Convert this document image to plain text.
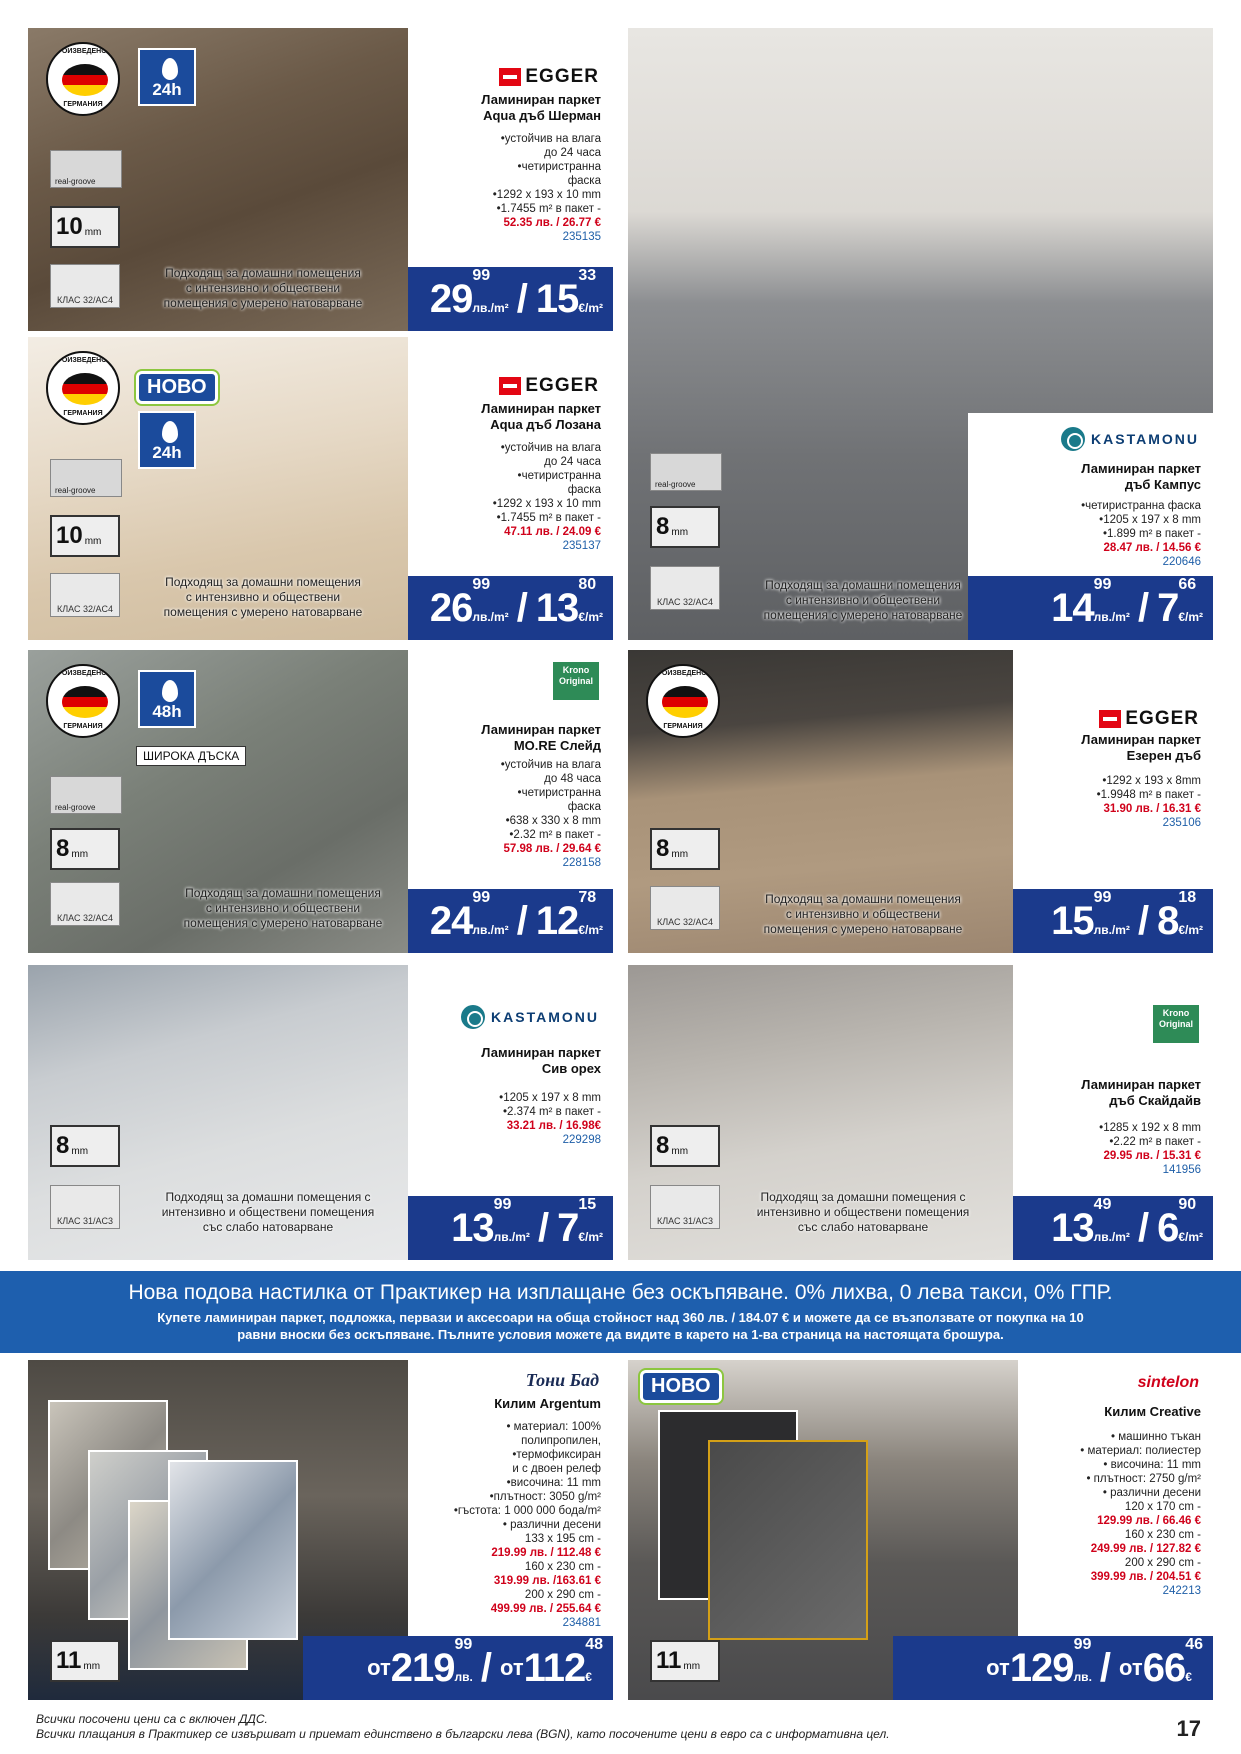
ПРОИЗВЕДЕНО В
ГЕРМАНИЯ
24h
real-groove
10 mm
КЛАС 32/AC4
Подходящ за домашни помещения
с интензивно и обществени
помещения с умерено натоварване
EGGER
Ламиниран паркет
Aqua дъб Шерман
•устойчив на влага
до 24 часа
•четиристранна
фаска
•1292 x 193 x 10 mm
•1.7455 m² в пакет -
52.35 лв. / 26.77 €
235135
29
99
лв./m² / 15
33
€/m²
ПРОИЗВЕДЕНО В
ГЕРМАНИЯ
НОВО
24h
real-groove
10 mm
КЛАС 32/AC4
Подходящ за домашни помещения
с интензивно и обществени
помещения с умерено натоварване
EGGER
Ламиниран паркет
Aqua дъб Лозана
•устойчив на влага
до 24 часа
•четиристранна
фаска
•1292 x 193 x 10 mm
•1.7455 m² в пакет -
47.11 лв. / 24.09 €
235137
26
99
лв./m² / 13
80
€/m²
real-groove
8 mm
КЛАС 32/AC4
Подходящ за домашни помещения
с интензивно и обществени
помещения с умерено натоварване
KASTAMONU
Ламиниран паркет
дъб Кампус
•четиристранна фаска
•1205 x 197 x 8 mm
•1.899 m² в пакет -
28.47 лв. / 14.56 €
220646
14
99
лв./m² / 7
66
€/m²
ПРОИЗВЕДЕНО В
ГЕРМАНИЯ
48h
ШИРОКА ДЪСКА
real-groove
8 mm
КЛАС 32/AC4
Подходящ за домашни помещения
с интензивно и обществени
помещения с умерено натоварване
Krono Original
Ламиниран паркет
MO.RE Слейд
•устойчив на влага
до 48 часа
•четиристранна
фаска
•638 x 330 x 8 mm
•2.32 m² в пакет -
57.98 лв. / 29.64 €
228158
24
99
лв./m² / 12
78
€/m²
ПРОИЗВЕДЕНО В
ГЕРМАНИЯ
8 mm
КЛАС 32/AC4
Подходящ за домашни помещения
с интензивно и обществени
помещения с умерено натоварване
EGGER
Ламиниран паркет
Езерен дъб
•1292 x 193 x 8mm
•1.9948 m² в пакет -
31.90 лв. / 16.31 €
235106
15
99
лв./m² / 8
18
€/m²
8 mm
КЛАС 31/AC3
Подходящ за домашни помещения с
интензивно и обществени помещения
със слабо натоварване
KASTAMONU
Ламиниран паркет
Сив орех
•1205 x 197 x 8 mm
•2.374 m² в пакет -
33.21 лв. / 16.98€
229298
13
99
лв./m² / 7
15
€/m²
8 mm
КЛАС 31/AC3
Подходящ за домашни помещения с
интензивно и обществени помещения
със слабо натоварване
Krono Original
Ламиниран паркет
дъб Скайдайв
•1285 x 192 x 8 mm
•2.22 m² в пакет -
29.95 лв. / 15.31 €
141956
13
49
лв./m² / 6
90
€/m²
Нова подова настилка от Практикер на изплащане без оскъпяване. 0% лихва, 0 лева такси, 0% ГПР.
Купете ламиниран паркет, подложка, первази и аксесоари на обща стойност над 360 лв. / 184.07 € и можете да се възползвате от покупка на 10
равни вноски без оскъпяване. Пълните условия можете да видите в карето на 1-ва страница на настоящата брошура.
11 mm
Тони Бад
Килим Argentum
• материал: 100%
полипропилен,
•термофиксиран
и с двоен релеф
•височина: 11 mm
•плътност: 3050 g/m²
•гъстота: 1 000 000 бода/m²
• различни десени
133 x 195 cm -
219.99 лв. / 112.48 €
160 x 230 cm -
319.99 лв. /163.61 €
200 x 290 cm -
499.99 лв. / 255.64 €
234881
от 219
99
лв. / от 112
48
€
НОВО
11 mm
sintelon
Килим Creative
• машинно тъкан
• материал: полиестер
• височина: 11 mm
• плътност: 2750 g/m²
• различни десени
120 x 170 cm -
129.99 лв. / 66.46 €
160 x 230 cm -
249.99 лв. / 127.82 €
200 x 290 cm -
399.99 лв. / 204.51 €
242213
от 129
99
лв. / от 66
46
€
Всички посочени цени са с включен ДДС.
Всички плащания в Практикер се извършват и приемат единствено в български лева (BGN), като посочените цени в евро са с информативна цел.	17
